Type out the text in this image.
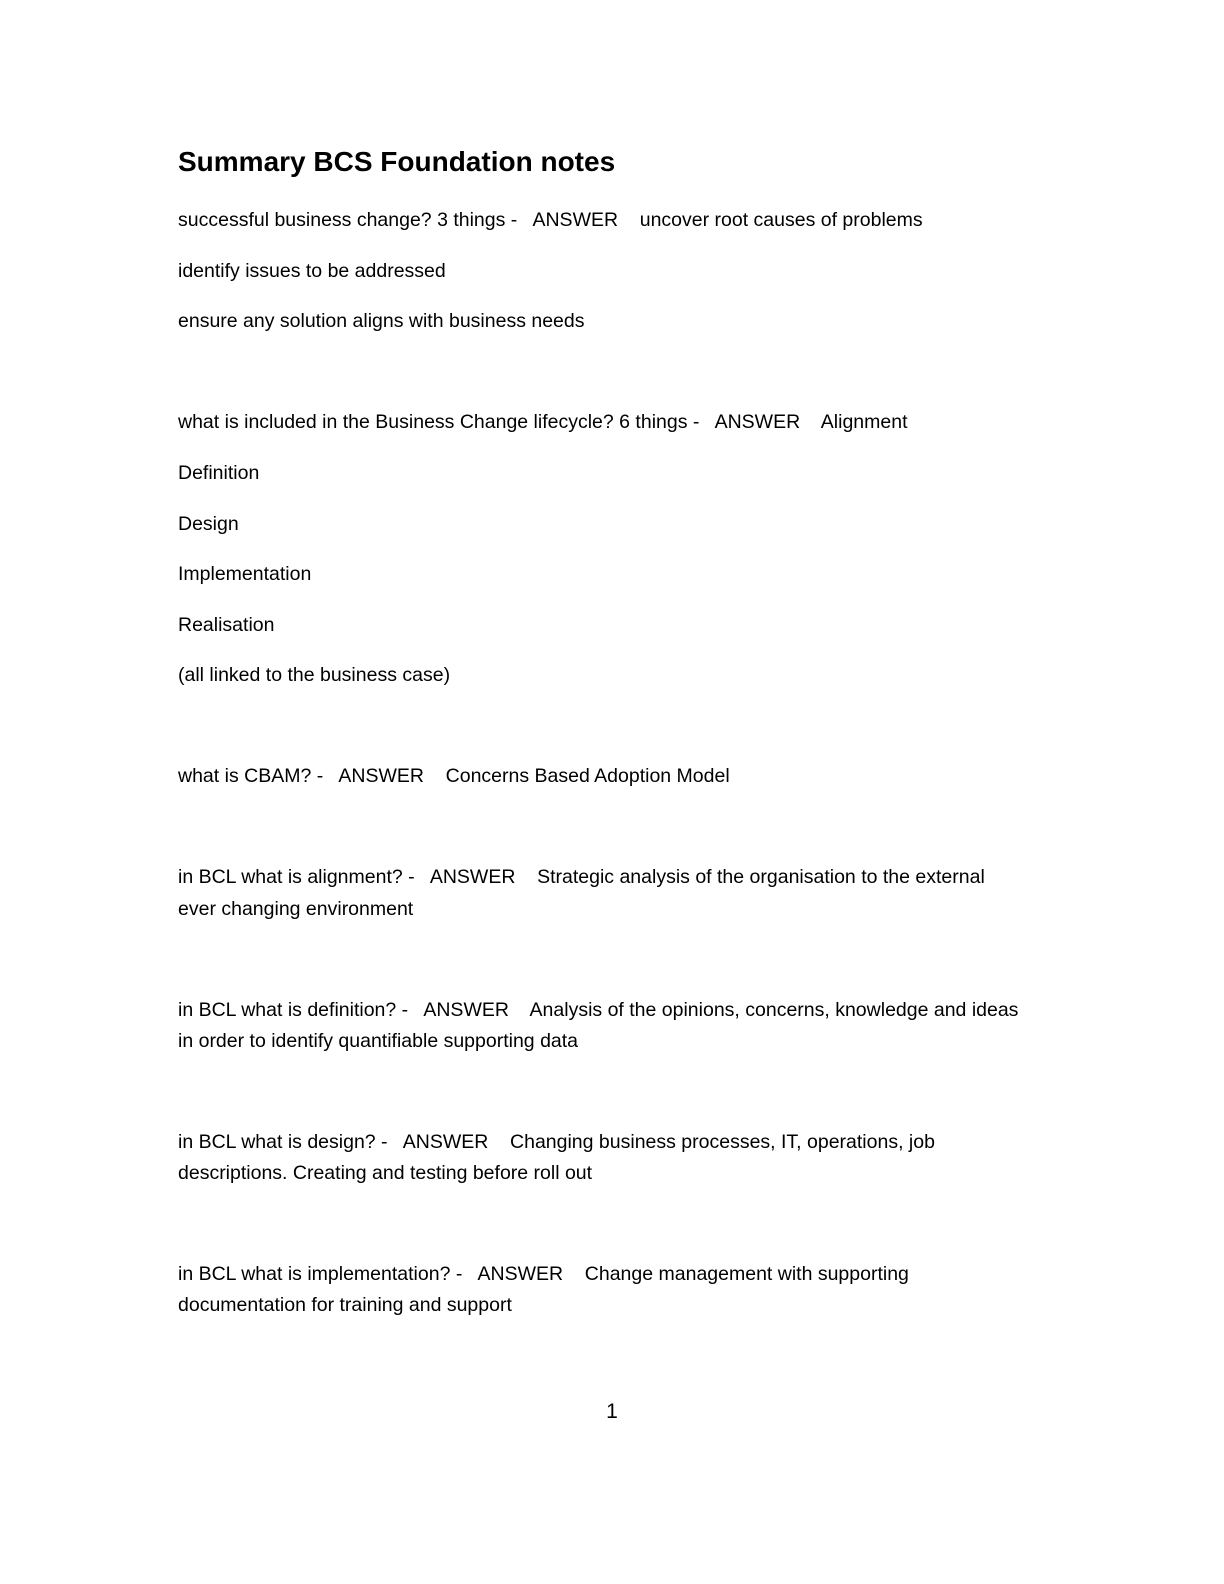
Summary BCS Foundation notes

successful business change? 3 things - ANSWER uncover root causes of problems

identify issues to be addressed

ensure any solution aligns with business needs

what is included in the Business Change lifecycle? 6 things - ANSWER Alignment

Definition

Design

Implementation

Realisation

(all linked to the business case)

what is CBAM? - ANSWER Concerns Based Adoption Model

in BCL what is alignment? - ANSWER Strategic analysis of the organisation to the external

ever changing environment

in BCL what is definition? - ANSWER Analysis of the opinions, concerns, knowledge and ideas

in order to identify quantifiable supporting data

in BCL what is design? - ANSWER Changing business processes, IT, operations, job

descriptions. Creating and testing before roll out

in BCL what is implementation? - ANSWER Change management with supporting

documentation for training and support

1
